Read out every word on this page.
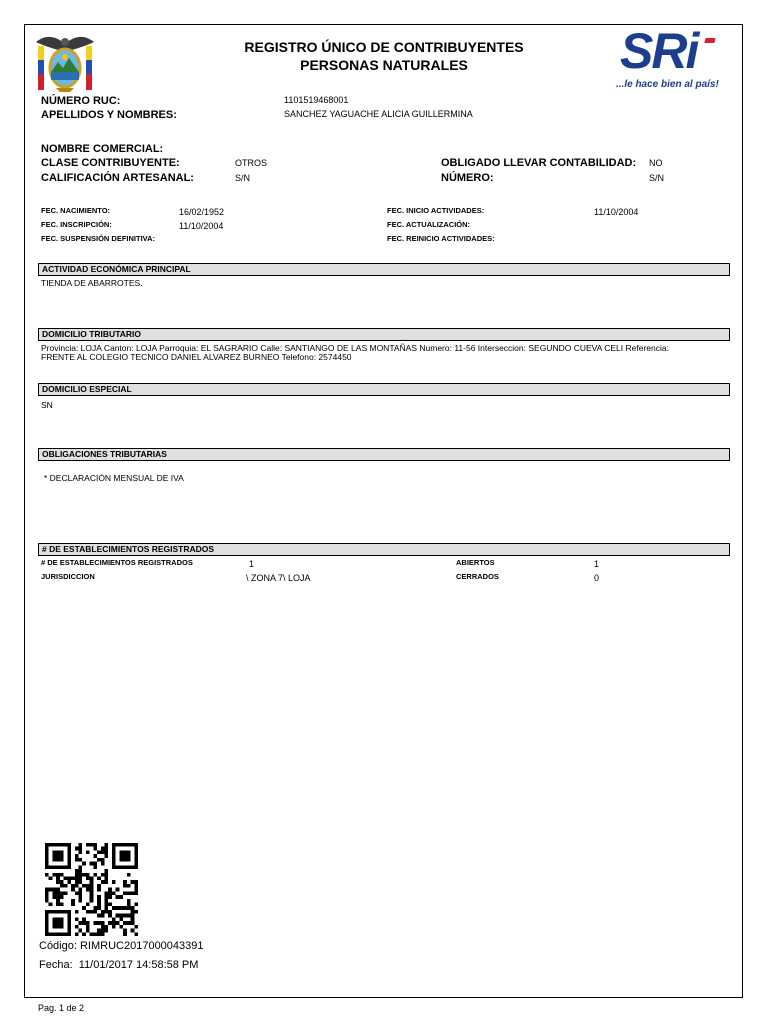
REGISTRO ÚNICO DE CONTRIBUYENTES
PERSONAS NATURALES	SRi
...le hace bien al país!
NÚMERO RUC:	1101519468001
APELLIDOS Y NOMBRES:	SANCHEZ YAGUACHE ALICIA GUILLERMINA
NOMBRE COMERCIAL:
CLASE CONTRIBUYENTE:	OTROS
CALIFICACIÓN ARTESANAL:	S/N
OBLIGADO LLEVAR CONTABILIDAD: NO
NÚMERO:	S/N
FEC. NACIMIENTO:	16/02/1952
FEC. INSCRIPCIÓN:	11/10/2004
FEC. SUSPENSIÓN DEFINITIVA:
FEC. INICIO ACTIVIDADES:	11/10/2004
FEC. ACTUALIZACIÓN:
FEC. REINICIO ACTIVIDADES:
ACTIVIDAD ECONÓMICA PRINCIPAL
TIENDA DE ABARROTES.
DOMICILIO TRIBUTARIO
Provincia: LOJA Canton: LOJA Parroquia: EL SAGRARIO Calle: SANTIANGO DE LAS MONTAÑAS Numero: 11-56 Interseccion: SEGUNDO CUEVA CELI Referencia:
FRENTE AL COLEGIO TECNICO DANIEL ALVAREZ BURNEO Telefono: 2574450
DOMICILIO ESPECIAL
SN
OBLIGACIONES TRIBUTARIAS
* DECLARACIÓN MENSUAL DE IVA
# DE ESTABLECIMIENTOS REGISTRADOS
# DE ESTABLECIMIENTOS REGISTRADOS	1
JURISDICCION	\ ZONA 7\ LOJA
ABIERTOS	1
CERRADOS	0
Código: RIMRUC2017000043391
Fecha: 11/01/2017 14:58:58 PM
Pag. 1 de 2
